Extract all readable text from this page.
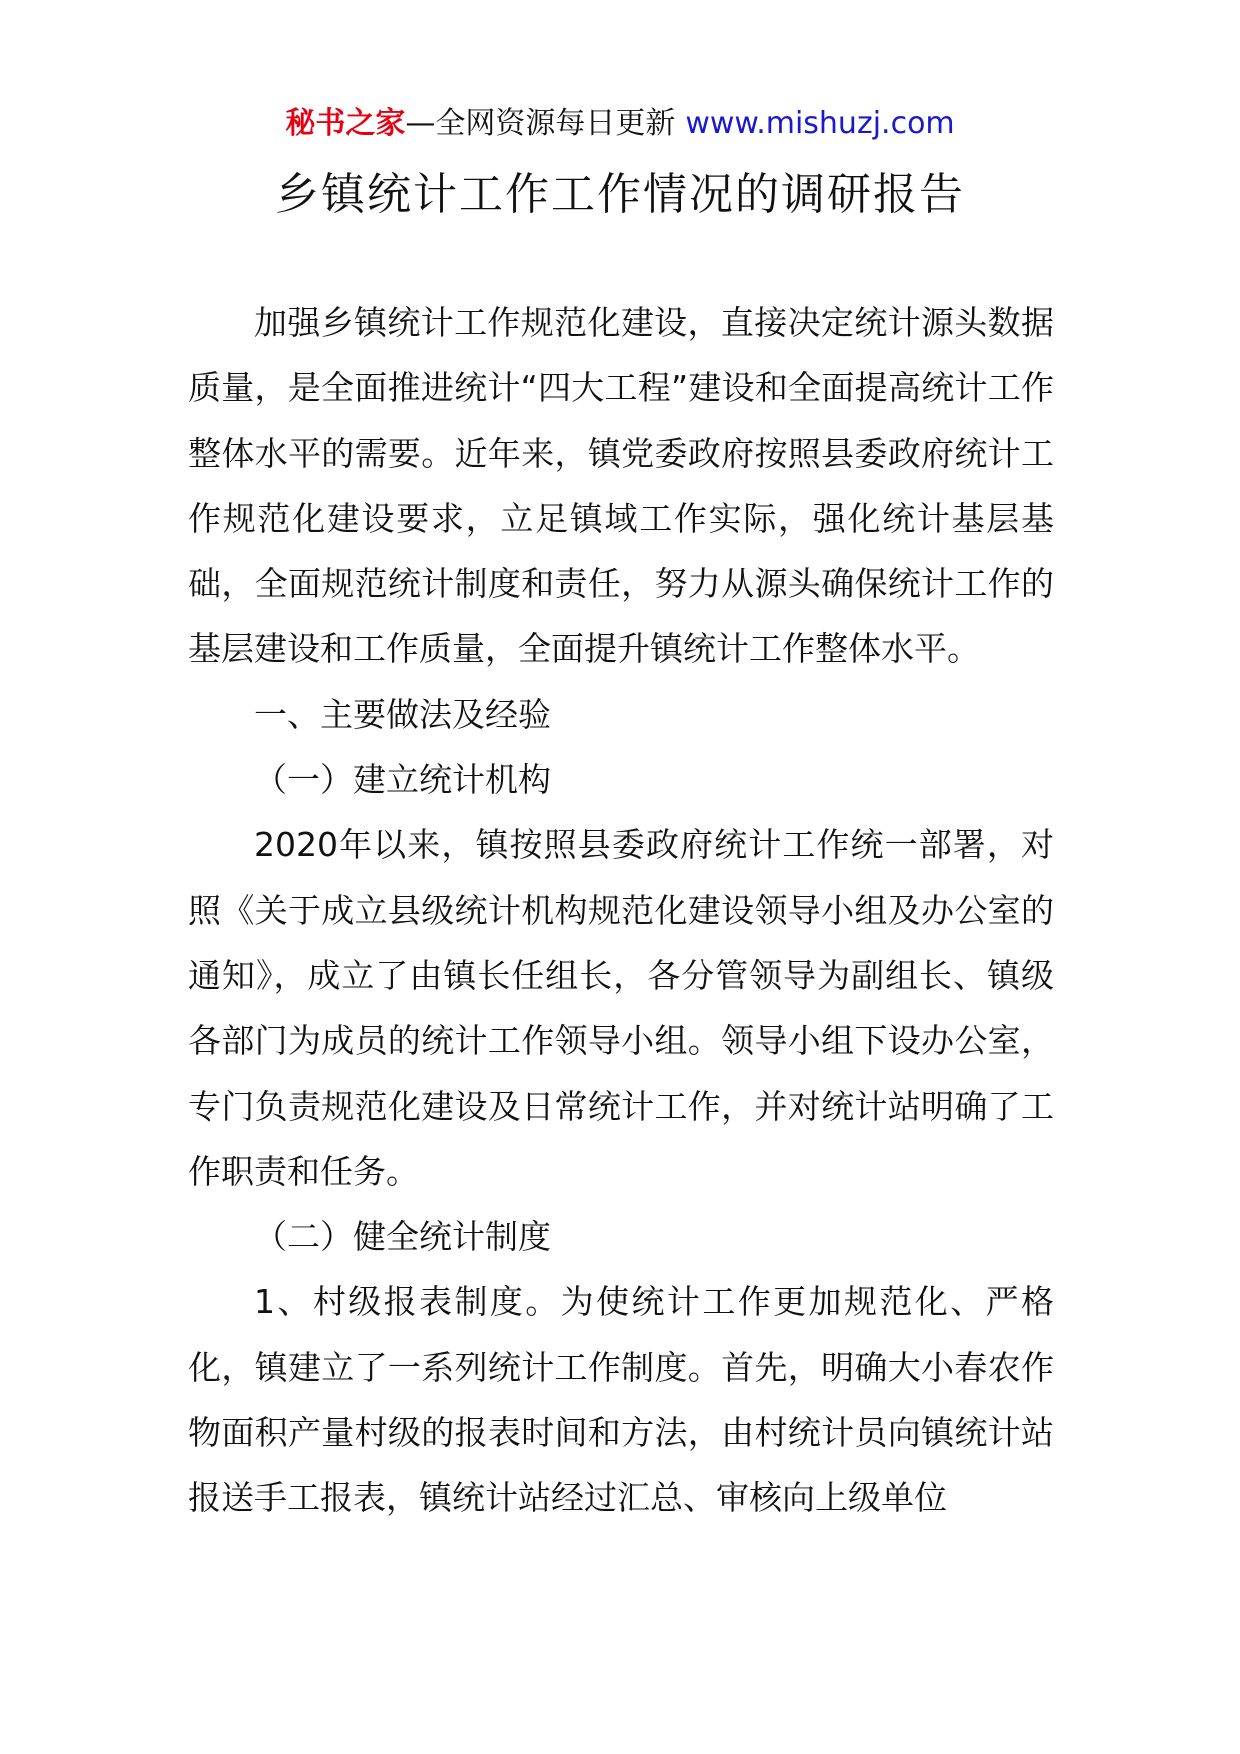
秘书之家—全网资源每日更新 www.mishuzj.com
乡镇统计工作工作情况的调研报告

加强乡镇统计工作规范化建设，直接决定统计源头数据质量，是全面推进统计“四大工程”建设和全面提高统计工作整体水平的需要。近年来，镇党委政府按照县委政府统计工作规范化建设要求，立足镇域工作实际，强化统计基层基础，全面规范统计制度和责任，努力从源头确保统计工作的基层建设和工作质量，全面提升镇统计工作整体水平。

一、主要做法及经验

（一）建立统计机构

2020年以来，镇按照县委政府统计工作统一部署，对照《关于成立县级统计机构规范化建设领导小组及办公室的通知》，成立了由镇长任组长，各分管领导为副组长、镇级各部门为成员的统计工作领导小组。领导小组下设办公室，专门负责规范化建设及日常统计工作，并对统计站明确了工作职责和任务。

（二）健全统计制度

1、村级报表制度。为使统计工作更加规范化、严格化，镇建立了一系列统计工作制度。首先，明确大小春农作物面积产量村级的报表时间和方法，由村统计员向镇统计站报送手工报表，镇统计站经过汇总、审核向上级单位
